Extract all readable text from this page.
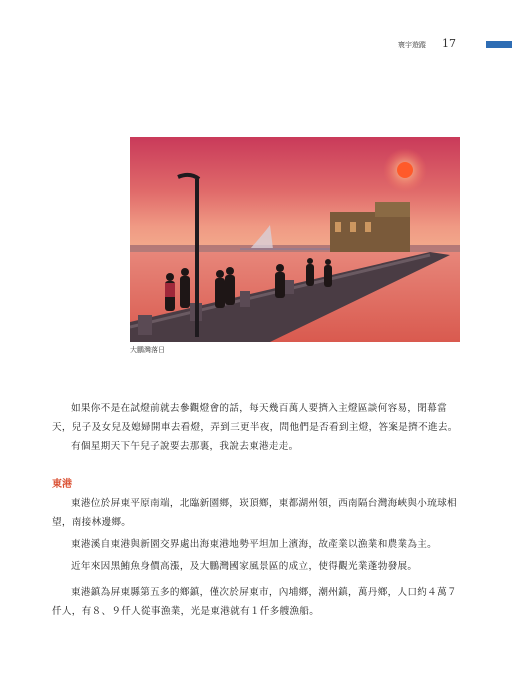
寰宇遊蹤 17
大鵬灣落日

如果你不是在試燈前就去參觀燈會的話，每天幾百萬人要擠入主燈區談何容易，閉幕當天，兒子及女兒及媳婦開車去看燈，弄到三更半夜，問他們是否看到主燈，答案是擠不進去。

有個星期天下午兒子說要去那裏，我說去東港走走。

東港

東港位於屏東平原南端，北臨新園鄉，崁頂鄉，東都湖州領，西南隔台灣海峽與小琉球相望，南接林邊鄉。

東港溪自東港與新園交界處出海東港地勢平坦加上濱海，故產業以漁業和農業為主。

近年來因黑鮪魚身價高漲，及大鵬灣國家風景區的成立，使得觀光業蓬勃發展。

東港鎮為屏東縣第五多的鄉鎮，僅次於屏東市，內埔鄉，潮州鎮，萬丹鄉，人口約４萬７仟人，有８、９仟人從事漁業，光是東港就有１仟多艘漁船。
